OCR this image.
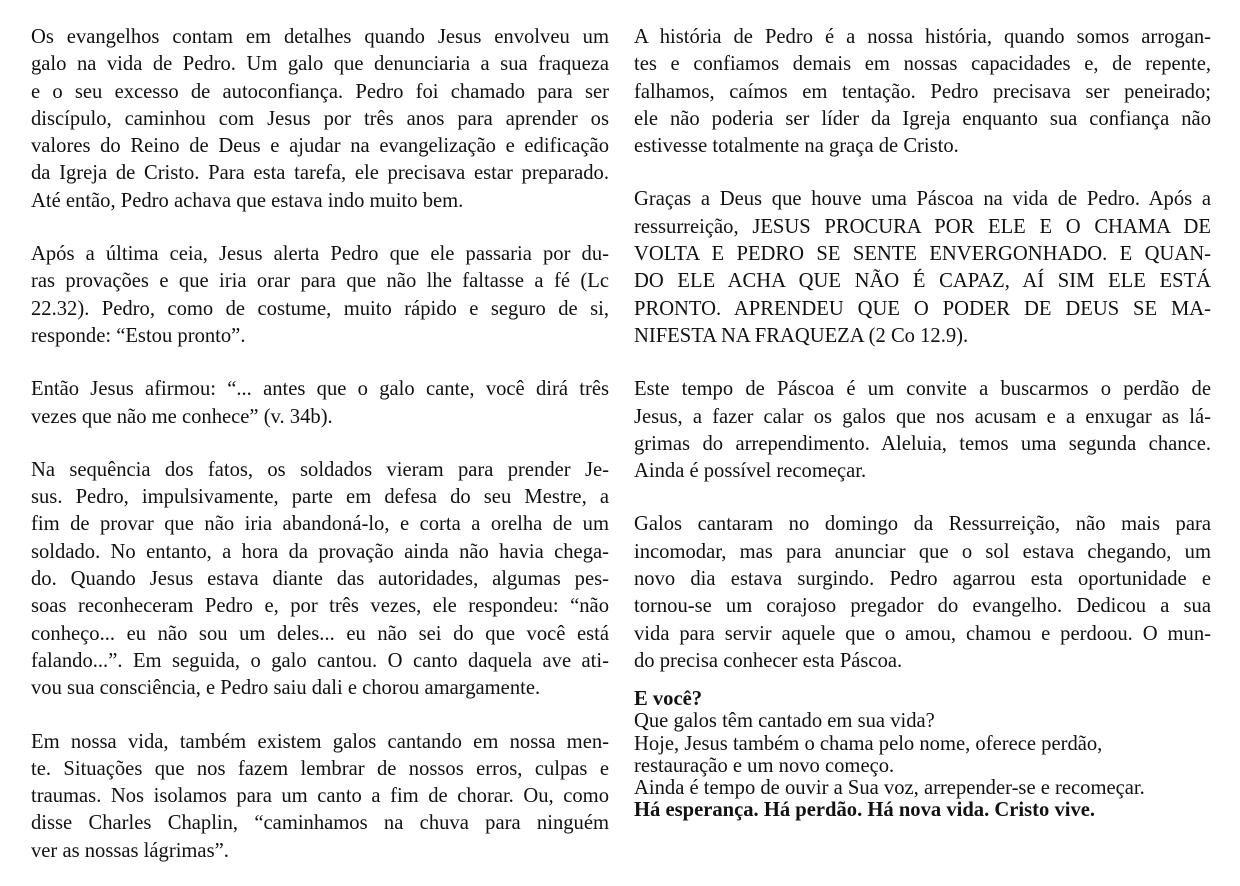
Os evangelhos contam em detalhes quando Jesus envolveu um
galo na vida de Pedro. Um galo que denunciaria a sua fraqueza
e o seu excesso de autoconfiança. Pedro foi chamado para ser
discípulo, caminhou com Jesus por três anos para aprender os
valores do Reino de Deus e ajudar na evangelização e edificação
da Igreja de Cristo. Para esta tarefa, ele precisava estar preparado.
Até então, Pedro achava que estava indo muito bem.
Após a última ceia, Jesus alerta Pedro que ele passaria por du-
ras provações e que iria orar para que não lhe faltasse a fé (Lc
22.32). Pedro, como de costume, muito rápido e seguro de si,
responde: “Estou pronto”.
Então Jesus afirmou: “... antes que o galo cante, você dirá três
vezes que não me conhece” (v. 34b).
Na sequência dos fatos, os soldados vieram para prender Je-
sus. Pedro, impulsivamente, parte em defesa do seu Mestre, a
fim de provar que não iria abandoná-lo, e corta a orelha de um
soldado. No entanto, a hora da provação ainda não havia chega-
do. Quando Jesus estava diante das autoridades, algumas pes-
soas reconheceram Pedro e, por três vezes, ele respondeu: “não
conheço... eu não sou um deles... eu não sei do que você está
falando...”. Em seguida, o galo cantou. O canto daquela ave ati-
vou sua consciência, e Pedro saiu dali e chorou amargamente.
Em nossa vida, também existem galos cantando em nossa men-
te. Situações que nos fazem lembrar de nossos erros, culpas e
traumas. Nos isolamos para um canto a fim de chorar. Ou, como
disse Charles Chaplin, “caminhamos na chuva para ninguém
ver as nossas lágrimas”.
A história de Pedro é a nossa história, quando somos arrogan-
tes e confiamos demais em nossas capacidades e, de repente,
falhamos, caímos em tentação. Pedro precisava ser peneirado;
ele não poderia ser líder da Igreja enquanto sua confiança não
estivesse totalmente na graça de Cristo.
Graças a Deus que houve uma Páscoa na vida de Pedro. Após a
ressurreição, JESUS PROCURA POR ELE E O CHAMA DE
VOLTA E PEDRO SE SENTE ENVERGONHADO. E QUAN-
DO ELE ACHA QUE NÃO É CAPAZ, AÍ SIM ELE ESTÁ
PRONTO. APRENDEU QUE O PODER DE DEUS SE MA-
NIFESTA NA FRAQUEZA (2 Co 12.9).
Este tempo de Páscoa é um convite a buscarmos o perdão de
Jesus, a fazer calar os galos que nos acusam e a enxugar as lá-
grimas do arrependimento. Aleluia, temos uma segunda chance.
Ainda é possível recomeçar.
Galos cantaram no domingo da Ressurreição, não mais para
incomodar, mas para anunciar que o sol estava chegando, um
novo dia estava surgindo. Pedro agarrou esta oportunidade e
tornou-se um corajoso pregador do evangelho. Dedicou a sua
vida para servir aquele que o amou, chamou e perdoou. O mun-
do precisa conhecer esta Páscoa.
E você?
Que galos têm cantado em sua vida?
Hoje, Jesus também o chama pelo nome, oferece perdão,
restauração e um novo começo.
Ainda é tempo de ouvir a Sua voz, arrepender-se e recomeçar.
Há esperança. Há perdão. Há nova vida. Cristo vive.
